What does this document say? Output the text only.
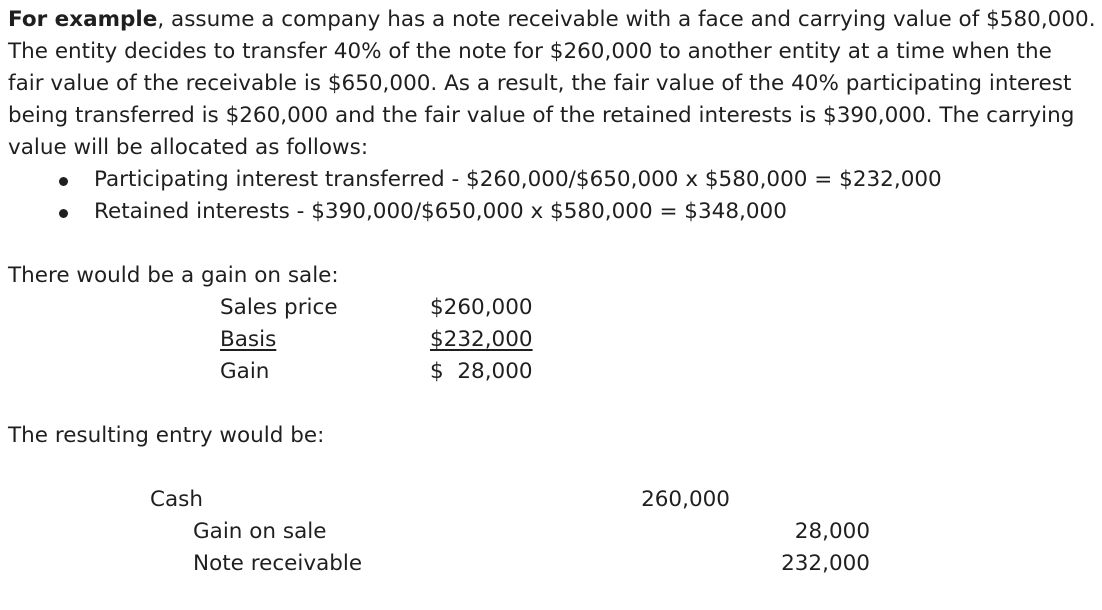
For example, assume a company has a note receivable with a face and carrying value of $580,000.
The entity decides to transfer 40% of the note for $260,000 to another entity at a time when the
fair value of the receivable is $650,000. As a result, the fair value of the 40% participating interest
being transferred is $260,000 and the fair value of the retained interests is $390,000. The carrying
value will be allocated as follows:

Participating interest transferred - $260,000/$650,000 x $580,000 = $232,000
Retained interests - $390,000/$650,000 x $580,000 = $348,000
There would be a gain on sale:
Sales price	$260,000
Basis	$232,000
Gain	$  28,000
The resulting entry would be:
Cash	260,000
Gain on sale	28,000
Note receivable	232,000
